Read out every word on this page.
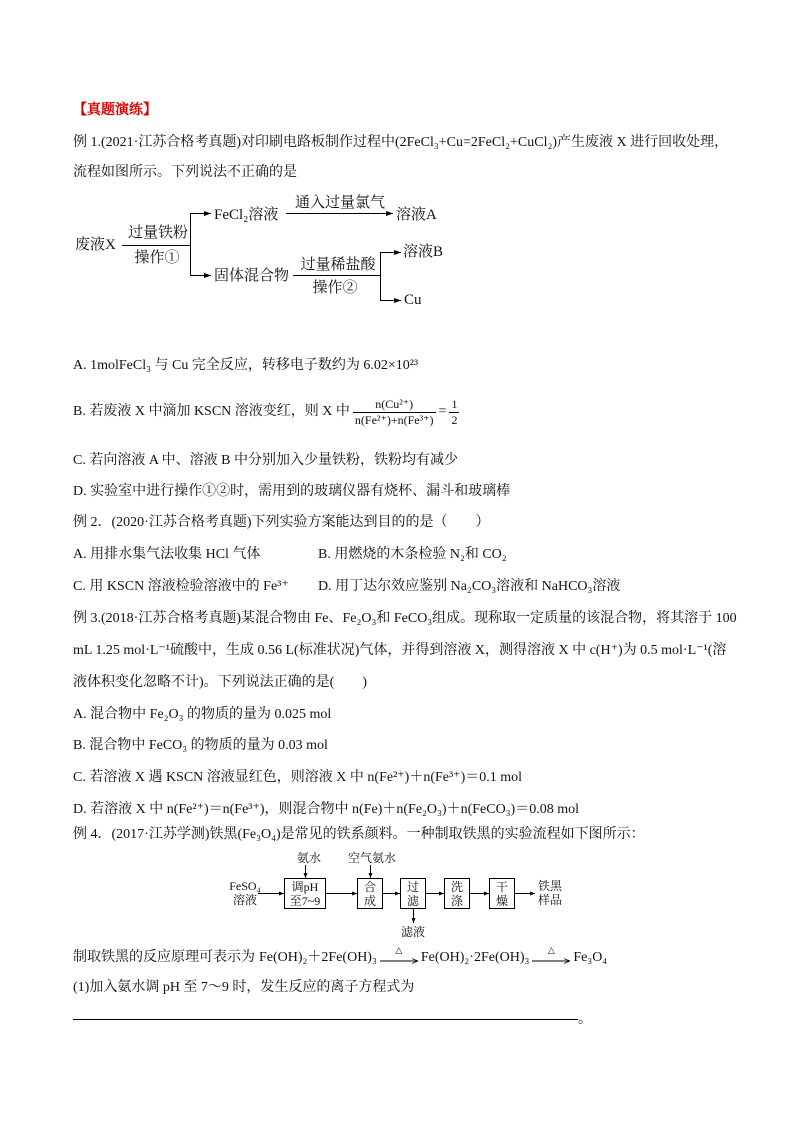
【真题演练】
例 1.(2021·江苏合格考真题)对印刷电路板制作过程中(2FeCl₃+Cu=2FeCl₂+CuCl₂)产生废液 X 进行回收处理，
流程如图所示。下列说法不正确的是
废液X
过量铁粉
操作①
FeCl₂溶液
通入过量氯气
溶液A
固体混合物
过量稀盐酸
操作②
溶液B
Cu
A. 1molFeCl₃ 与 Cu 完全反应，转移电子数约为 6.02×10²³
B. 若废液 X 中滴加 KSCN 溶液变红，则 X 中 $\frac{\text{n(Cu²⁺)}}{\text{n(Fe²⁺)+n(Fe³⁺)}} = \frac{1}{2}$
C. 若向溶液 A 中、溶液 B 中分别加入少量铁粉，铁粉均有减少
D. 实验室中进行操作①②时，需用到的玻璃仪器有烧杯、漏斗和玻璃棒
例 2．(2020·江苏合格考真题)下列实验方案能达到目的的是（　　）
A. 用排水集气法收集 HCl 气体	B. 用燃烧的木条检验 N₂和 CO₂
C. 用 KSCN 溶液检验溶液中的 Fe³⁺ D. 用丁达尔效应鉴别 Na₂CO₃溶液和 NaHCO₃溶液
例 3.(2018·江苏合格考真题)某混合物由 Fe、Fe₂O₃和 FeCO₃组成。现称取一定质量的该混合物，将其溶于 100
mL 1.25 mol·L⁻¹硫酸中，生成 0.56 L(标准状况)气体，并得到溶液 X，测得溶液 X 中 c(H⁺)为 0.5 mol·L⁻¹(溶
液体积变化忽略不计)。下列说法正确的是(　　)
A. 混合物中 Fe₂O₃ 的物质的量为 0.025 mol
B. 混合物中 FeCO₃ 的物质的量为 0.03 mol
C. 若溶液 X 遇 KSCN 溶液显红色，则溶液 X 中 n(Fe²⁺)＋n(Fe³⁺)＝0.1 mol
D. 若溶液 X 中 n(Fe²⁺)＝n(Fe³⁺)，则混合物中 n(Fe)＋n(Fe₂O₃)＋n(FeCO₃)＝0.08 mol
例 4．(2017·江苏学测)铁黑(Fe₃O₄)是常见的铁系颜料。一种制取铁黑的实验流程如下图所示：
FeSO₄
溶液
氨水 空气氨水
调pH
至7~9
合
成
过
滤
洗
涤
干
燥
铁黑
样品
滤液
制取铁黑的反应原理可表示为 Fe(OH)₂＋2Fe(OH)₃	△	Fe(OH)₂·2Fe(OH)₃	△	Fe₃O₄
(1)加入氨水调 pH 至 7～9 时，发生反应的离子方程式为
。
